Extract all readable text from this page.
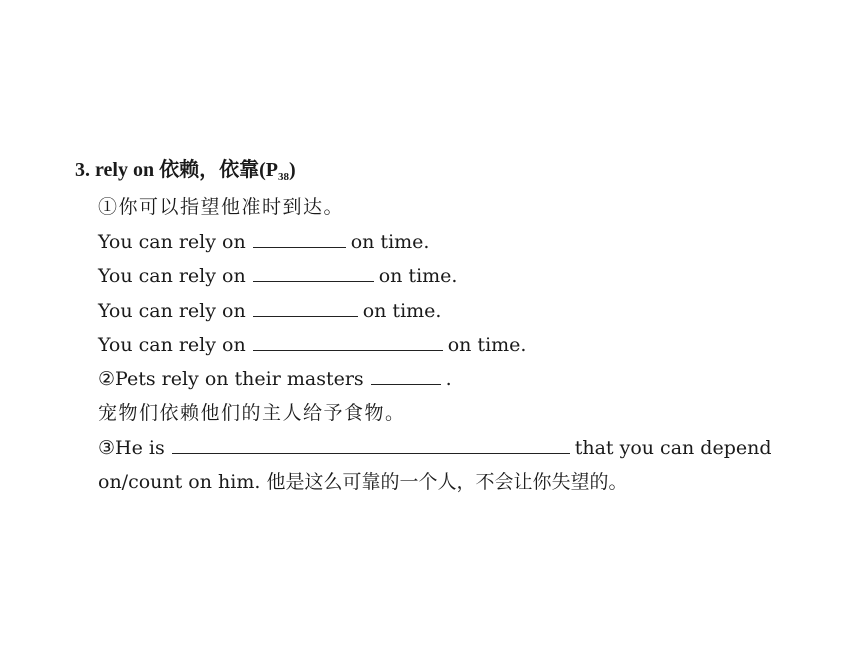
3. rely on 依赖，依靠$(P_{38})$
①你可以指望他准时到达。
You can rely on	on time.
You can rely on	on time.
You can rely on	on time.
You can rely on	on time.
②Pets rely on their masters	.
宠物们依赖他们的主人给予食物。
③He is	that you can depend
on/count on him. 他是这么可靠的一个人，不会让你失望的。
